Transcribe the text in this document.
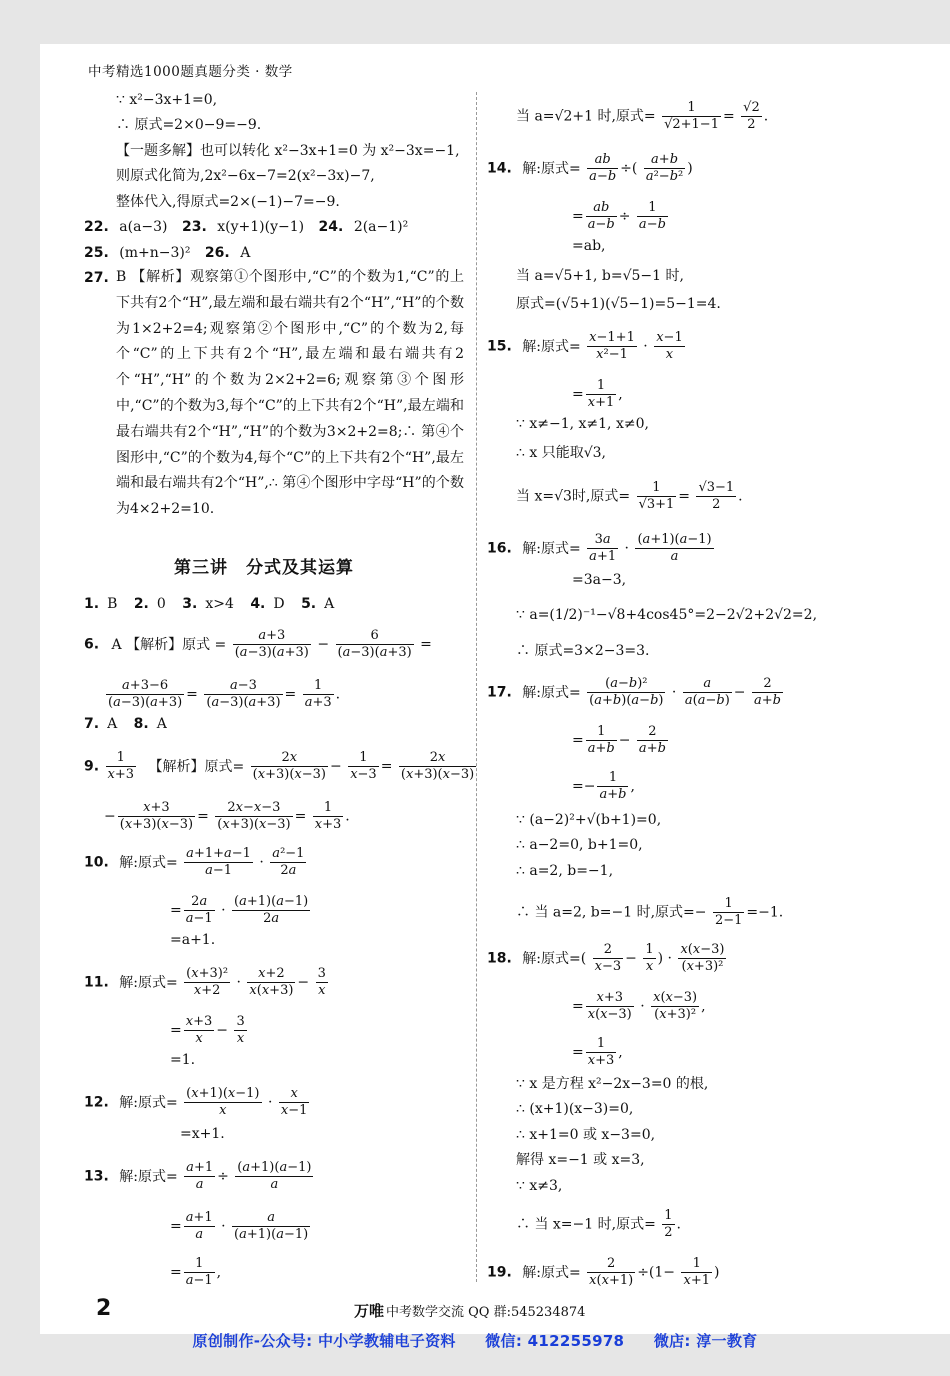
中考精选1000题真题分类 · 数学
∵ x²−3x+1=0,
∴ 原式=2×0−9=−9.
【一题多解】也可以转化 x²−3x+1=0 为 x²−3x=−1,
则原式化简为,2x²−6x−7=2(x²−3x)−7,
整体代入,得原式=2×(−1)−7=−9.
22. a(a−3) 23. x(y+1)(y−1) 24. 2(a−1)²
25. (m+n−3)² 26. A
27. B 【解析】观察第①个图形中,“C”的个数为1,“C”的上下共有2个“H”,最左端和最右端共有2个“H”,“H”的个数为1×2+2=4;观察第②个图形中,“C”的个数为2,每个“C”的上下共有2个“H”,最左端和最右端共有2个“H”,“H”的个数为2×2+2=6;观察第③个图形中,“C”的个数为3,每个“C”的上下共有2个“H”,最左端和最右端共有2个“H”,“H”的个数为3×2+2=8;∴ 第④个图形中,“C”的个数为4,每个“C”的上下共有2个“H”,最左端和最右端共有2个“H”,∴ 第④个图形中字母“H”的个数为4×2+2=10.
第三讲　分式及其运算
1. B 2. 0 3. x>4 4. D 5. A
6. A 【解析】原式 = $\frac{a+3}{(a-3)(a+3)} - \frac{6}{(a-3)(a+3)}$ =
$\frac{a+3-6}{(a-3)(a+3)} = \frac{a-3}{(a-3)(a+3)} = \frac{1}{a+3}$ .
7. A 8. A
9. $\frac{1}{x+3}$ 【解析】原式= $\frac{2x}{(x+3)(x-3)} - \frac{1}{x-3} = \frac{2x}{(x+3)(x-3)}$
− $\frac{x+3}{(x+3)(x-3)} = \frac{2x-x-3}{(x+3)(x-3)} = \frac{1}{x+3}$ .
10. 解:原式= $\frac{a+1+a-1}{a-1} \cdot \frac{\text{a²−1}}{2a}$
= $\frac{2a}{a-1} \cdot \frac{(a+1)(a-1)}{2a}$
=a+1.
11. 解:原式= $\frac{\text{(x+3)²}}{x+2} \cdot \frac{x+2}{x(x+3)} - \frac{3}{x}$
= $\frac{x+3}{x} - \frac{3}{x}$
=1.
12. 解:原式= $\frac{(x+1)(x-1)}{x} \cdot \frac{x}{x-1}$
=x+1.
13. 解:原式= $\frac{a+1}{a} \div \frac{(a+1)(a-1)}{a}$
= $\frac{a+1}{a} \cdot \frac{a}{(a+1)(a-1)}$
= $\frac{1}{a-1}$ ,
当 a=√2+1 时,原式= $\frac{1}{√2+1-1} = \frac{√2}{2}$ .
14. 解:原式= $\frac{ab}{a-b}$ ÷( $\frac{a+b}{\text{a²−b²}}$ )
= $\frac{ab}{a-b} \div \frac{1}{a-b}$
=ab,
当 a=√5+1, b=√5−1 时,
原式=(√5+1)(√5−1)=5−1=4.
15. 解:原式= $\frac{x-1+1}{\text{x²−1}} \cdot \frac{x-1}{x}$
= $\frac{1}{x+1}$ ,
∵ x≠−1, x≠1, x≠0,
∴ x 只能取√3,
当 x=√3时,原式= $\frac{1}{√3+1} = \frac{√3-1}{2}$ .
16. 解:原式= $\frac{3a}{a+1} \cdot \frac{(a+1)(a-1)}{a}$
=3a−3,
∵ a=(1/2)⁻¹−√8+4cos45°=2−2√2+2√2=2,
∴ 原式=3×2−3=3.
17. 解:原式= $\frac{\text{(a−b)²}}{(a+b)(a-b)} \cdot \frac{a}{a(a-b)} - \frac{2}{a+b}$
= $\frac{1}{a+b} - \frac{2}{a+b}$
=− $\frac{1}{a+b}$ ,
∵ (a−2)²+√(b+1)=0,
∴ a−2=0, b+1=0,
∴ a=2, b=−1,
∴ 当 a=2, b=−1 时,原式=− $\frac{1}{2-1} =-1$.
18. 解:原式=( $\frac{2}{x-3} - \frac{1}{x}$ ) · $\frac{x(x-3)}{\text{(x+3)²}}$
= $\frac{x+3}{x(x-3)} \cdot \frac{x(x-3)}{\text{(x+3)²}}$ ,
= $\frac{1}{x+3}$ ,
∵ x 是方程 x²−2x−3=0 的根,
∴ (x+1)(x−3)=0,
∴ x+1=0 或 x−3=0,
解得 x=−1 或 x=3,
∵ x≠3,
∴ 当 x=−1 时,原式= $\frac{1}{2}$ .
19. 解:原式= $\frac{2}{x(x+1)} \div(1- \frac{1}{x+1}$ )
2	万唯 中考数学交流 QQ 群:545234874
原创制作-公众号: 中小学教辅电子资料 微信: 412255978 微店: 淳一教育
